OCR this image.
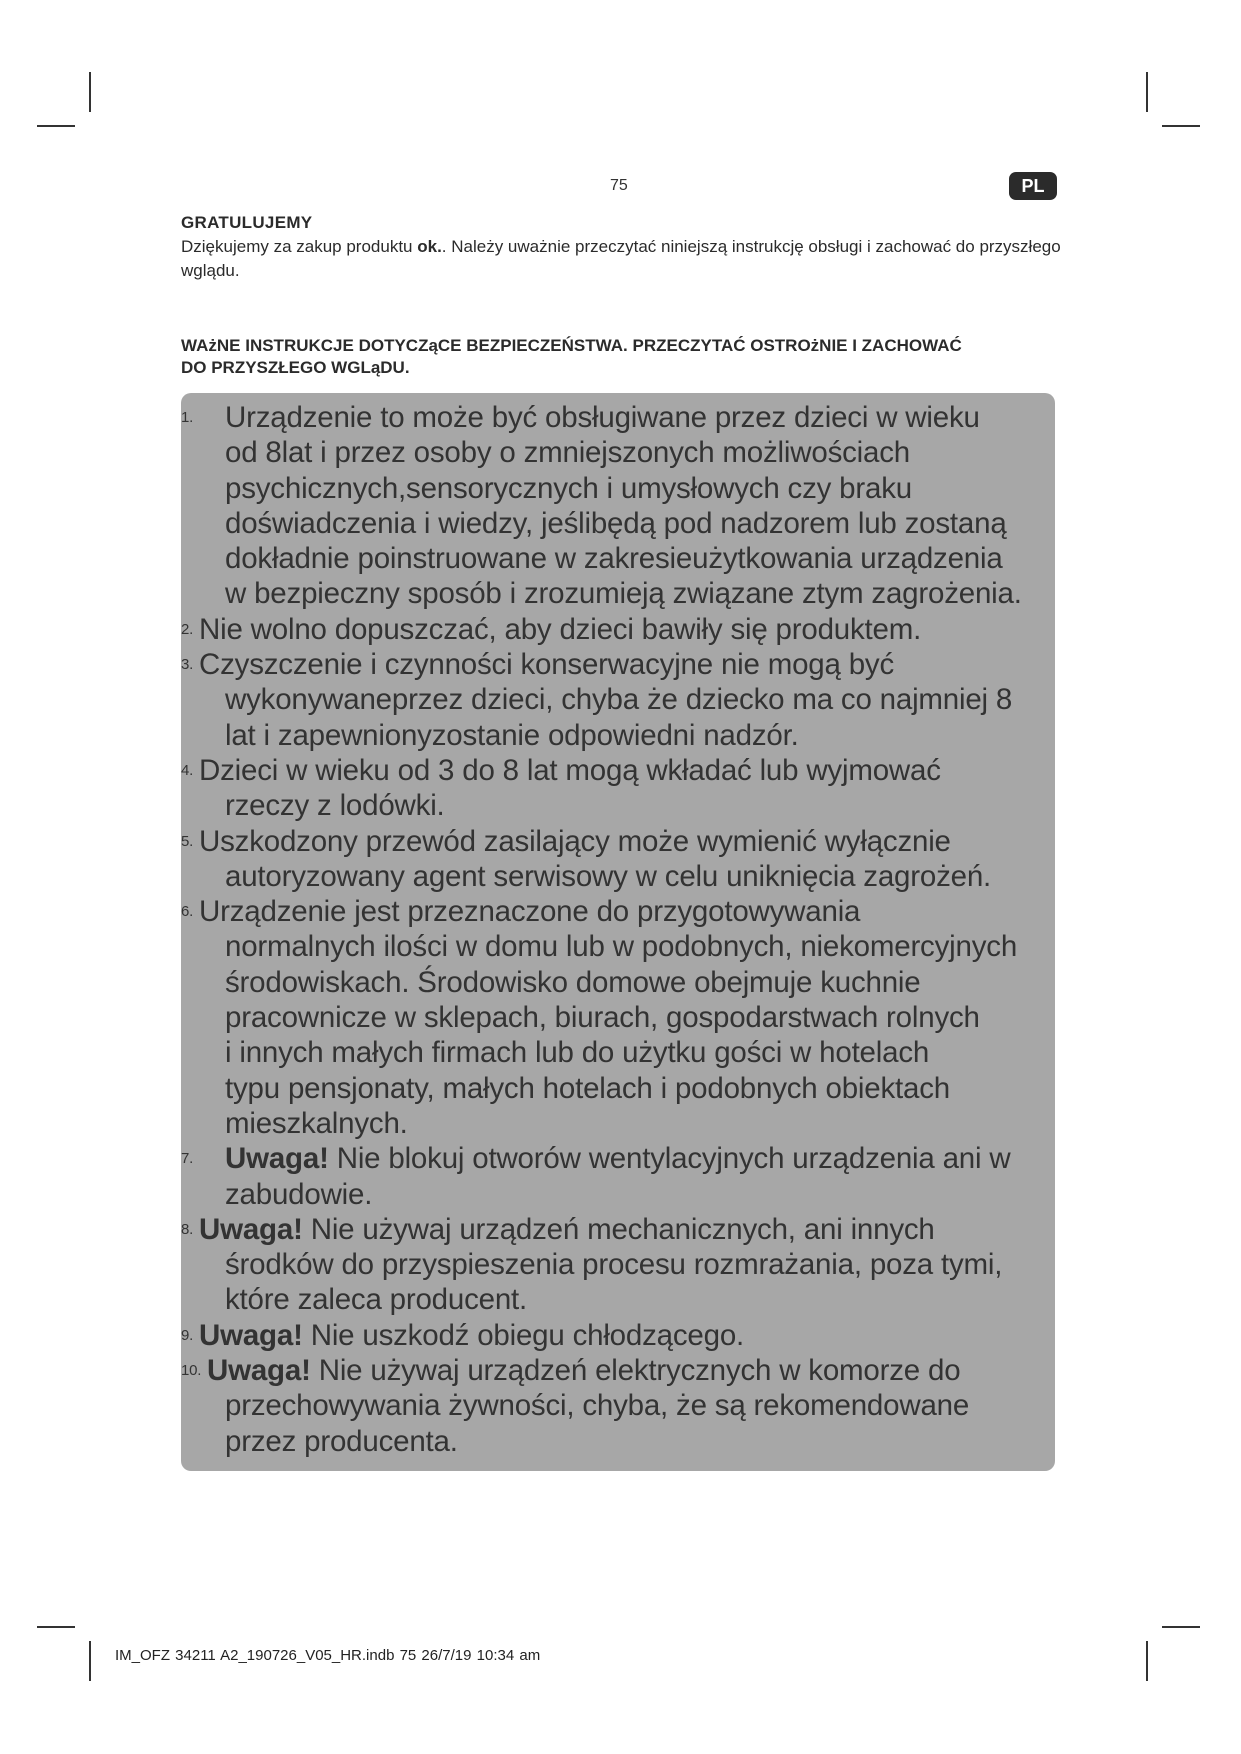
75	PL

GRATULUJEMY

Dziękujemy za zakup produktu ok.. Należy uważnie przeczytać niniejszą instrukcję obsługi i zachować do przyszłego wglądu.

WAżNE INSTRUKCJE DOTYCZąCE BEZPIECZEŃSTWA. PRZECZYTAĆ OSTROżNIE I ZACHOWAĆ
DO PRZYSZŁEGO WGLąDU.
1. Urządzenie to może być obsługiwane przez dzieci w wieku
od 8lat i przez osoby o zmniejszonych możliwościach
psychicznych,sensorycznych i umysłowych czy braku
doświadczenia i wiedzy, jeślibędą pod nadzorem lub zostaną
dokładnie poinstruowane w zakresieużytkowania urządzenia
w bezpieczny sposób i zrozumieją związane ztym zagrożenia.
2. Nie wolno dopuszczać, aby dzieci bawiły się produktem.
3. Czyszczenie i czynności konserwacyjne nie mogą być
wykonywaneprzez dzieci, chyba że dziecko ma co najmniej 8
lat i zapewnionyzostanie odpowiedni nadzór.
4. Dzieci w wieku od 3 do 8 lat mogą wkładać lub wyjmować
rzeczy z lodówki.
5. Uszkodzony przewód zasilający może wymienić wyłącznie
autoryzowany agent serwisowy w celu uniknięcia zagrożeń.
6. Urządzenie jest przeznaczone do przygotowywania
normalnych ilości w domu lub w podobnych, niekomercyjnych
środowiskach. Środowisko domowe obejmuje kuchnie
pracownicze w sklepach, biurach, gospodarstwach rolnych
i innych małych firmach lub do użytku gości w hotelach
typu pensjonaty, małych hotelach i podobnych obiektach
mieszkalnych.
7. Uwaga! Nie blokuj otworów wentylacyjnych urządzenia ani w
zabudowie.
8. Uwaga! Nie używaj urządzeń mechanicznych, ani innych
środków do przyspieszenia procesu rozmrażania, poza tymi,
które zaleca producent.
9. Uwaga! Nie uszkodź obiegu chłodzącego.
10. Uwaga! Nie używaj urządzeń elektrycznych w komorze do
przechowywania żywności, chyba, że są rekomendowane
przez producenta.
IM_OFZ 34211 A2_190726_V05_HR.indb 75 26/7/19 10:34 am
